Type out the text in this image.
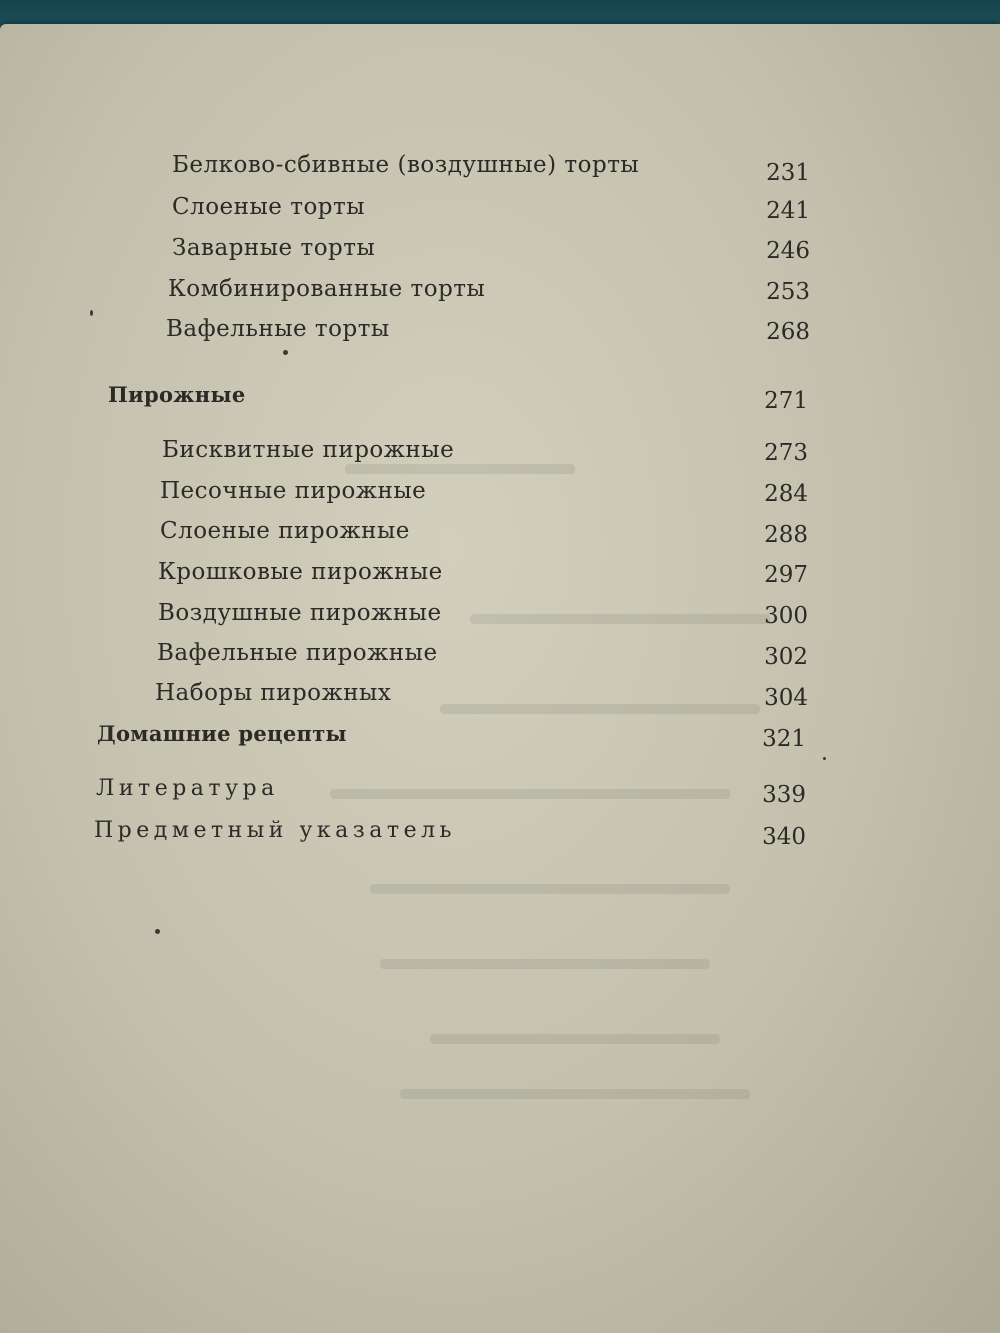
Белково-сбивные (воздушные) торты	231
Слоеные торты	241
Заварные торты	246
Комбинированные торты	253
Вафельные торты	268
Пирожные	271
Бисквитные пирожные	273
Песочные пирожные	284
Слоеные пирожные	288
Крошковые пирожные	297
Воздушные пирожные	300
Вафельные пирожные	302
Наборы пирожных	304
Домашние рецепты	321
Литература	339
Предметный указатель	340
